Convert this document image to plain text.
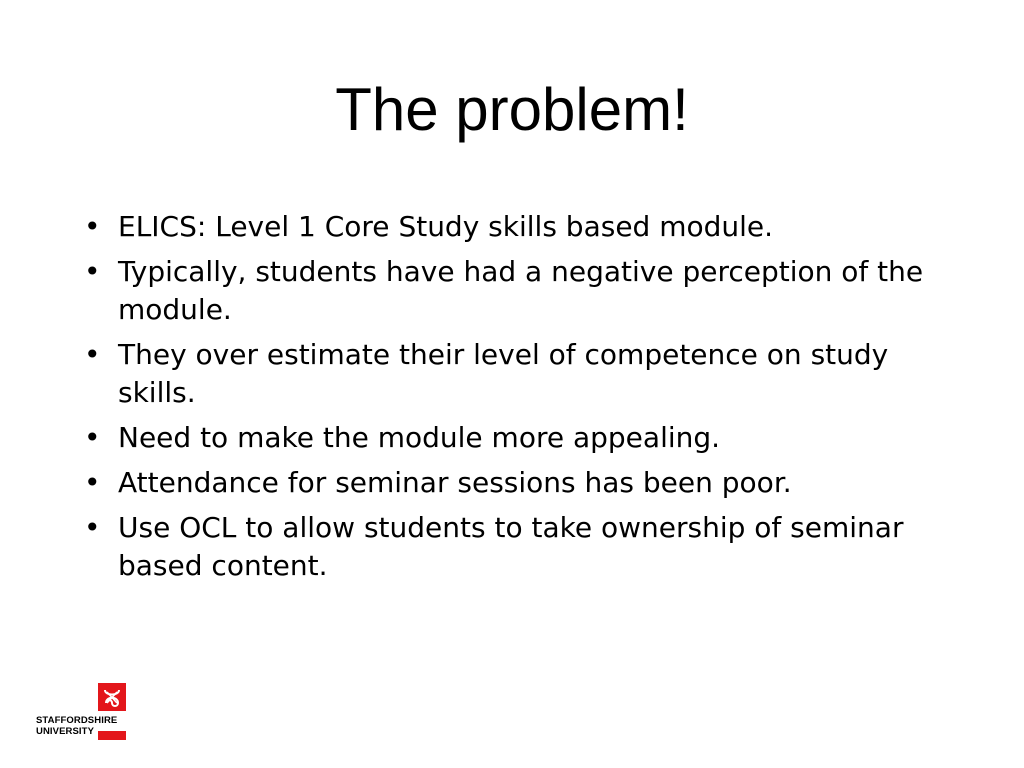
The problem!
• ELICS: Level 1 Core Study skills based module.
• Typically, students have had a negative perception of the module.
• They over estimate their level of competence on study skills.
• Need to make the module more appealing.
• Attendance for seminar sessions has been poor.
• Use OCL to allow students to take ownership of seminar based content.
STAFFORDSHIRE
UNIVERSITY
